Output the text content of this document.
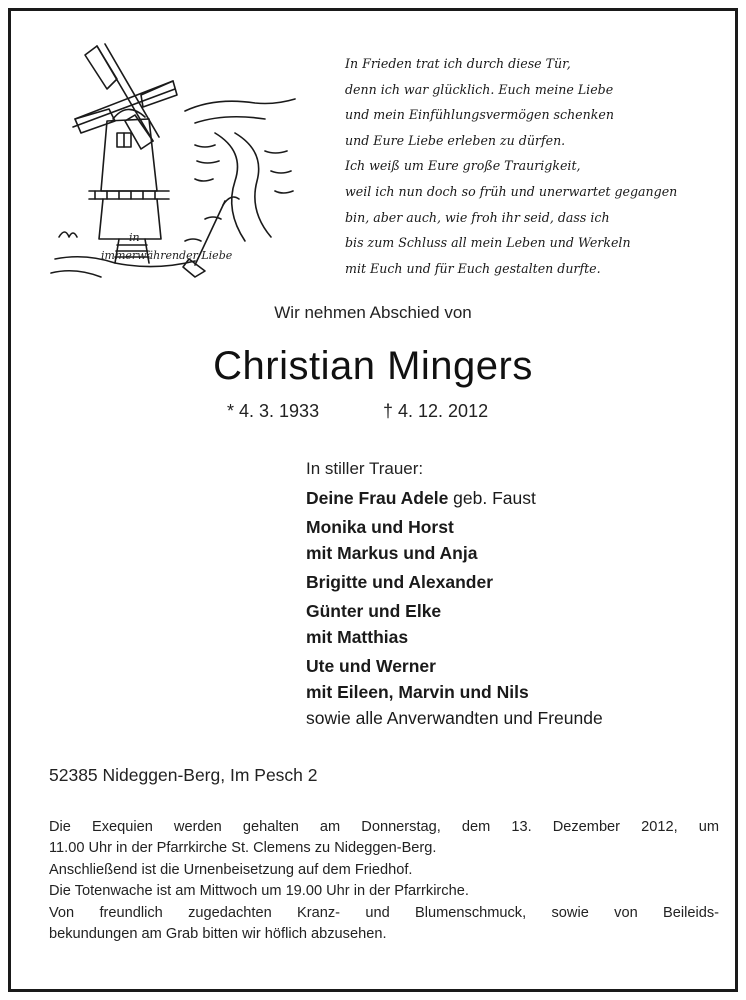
in
immerwährender Liebe
In Frieden trat ich durch diese Tür,
denn ich war glücklich. Euch meine Liebe
und mein Einfühlungsvermögen schenken
und Eure Liebe erleben zu dürfen.
Ich weiß um Eure große Traurigkeit,
weil ich nun doch so früh und unerwartet gegangen
bin, aber auch, wie froh ihr seid, dass ich
bis zum Schluss all mein Leben und Werkeln
mit Euch und für Euch gestalten durfte.
Wir nehmen Abschied von
Christian Mingers
* 4. 3. 1933	† 4. 12. 2012
In stiller Trauer:
Deine Frau Adele geb. Faust
Monika und Horst
mit Markus und Anja
Brigitte und Alexander
Günter und Elke
mit Matthias
Ute und Werner
mit Eileen, Marvin und Nils
sowie alle Anverwandten und Freunde
52385 Nideggen-Berg, Im Pesch 2
Die Exequien werden gehalten am Donnerstag, dem 13. Dezember 2012, um
11.00 Uhr in der Pfarrkirche St. Clemens zu Nideggen-Berg.
Anschließend ist die Urnenbeisetzung auf dem Friedhof.
Die Totenwache ist am Mittwoch um 19.00 Uhr in der Pfarrkirche.
Von freundlich zugedachten Kranz- und Blumenschmuck, sowie von Beileids-
bekundungen am Grab bitten wir höflich abzusehen.
